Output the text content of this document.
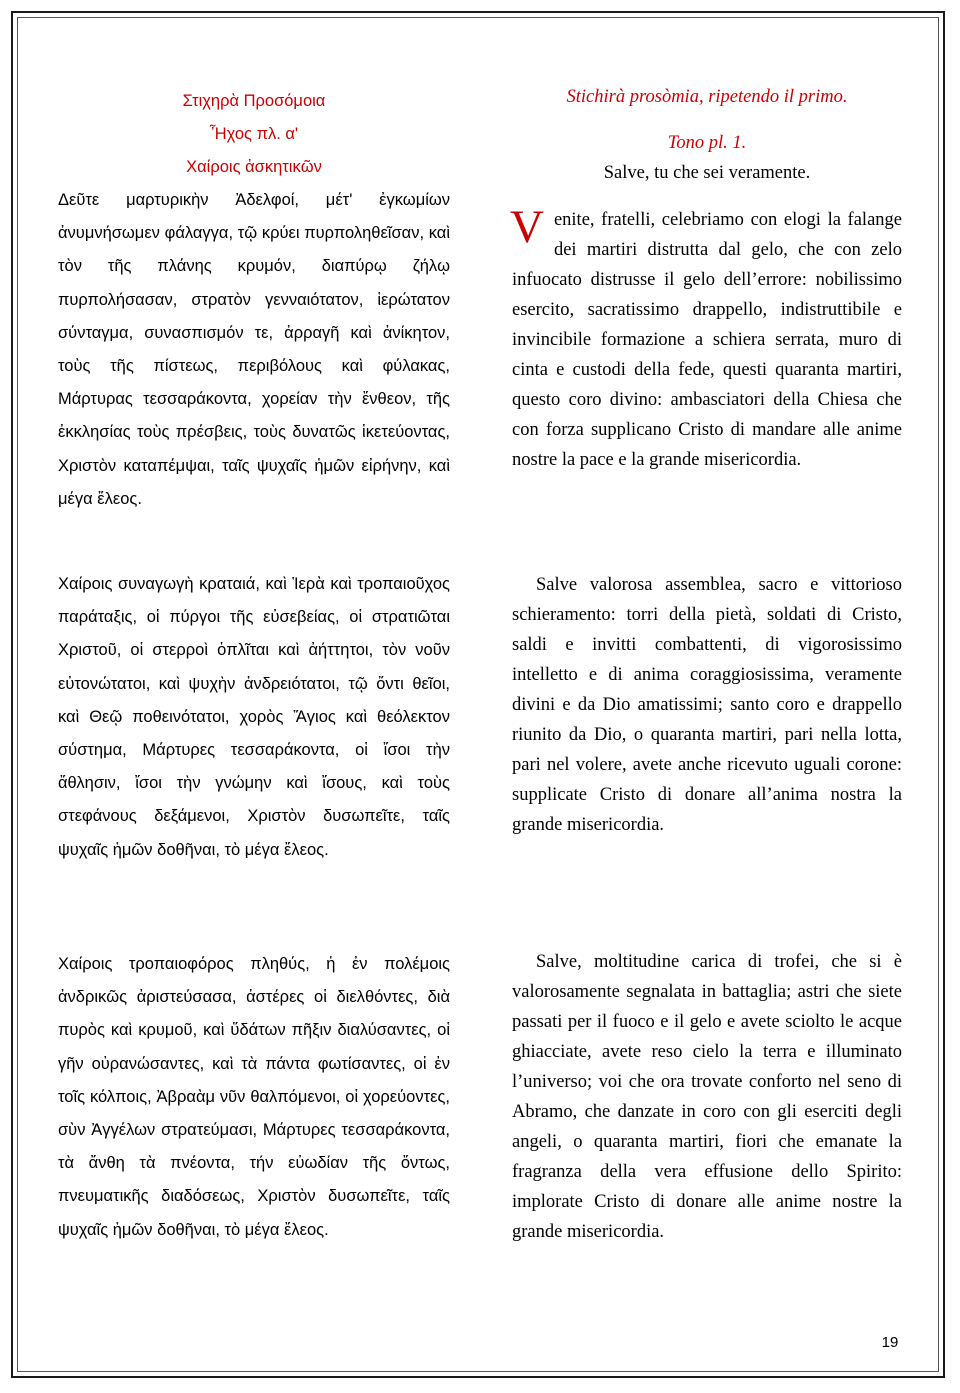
Στιχηρὰ Προσόμοια
Ἦχος πλ. α'
Χαίροις ἀσκητικῶν
Δεῦτε μαρτυρικὴν Ἀδελφοί, μέτ' ἐγκωμίων ἀνυμνήσωμεν φάλαγγα, τῷ κρύει πυρποληθεῖσαν, καὶ τὸν τῆς πλάνης κρυμόν, διαπύρῳ ζήλῳ πυρπολήσασαν, στρατὸν γενναιότατον, ἱερώτατον σύνταγμα, συνασπισμόν τε, ἀρραγῆ καὶ ἀνίκητον, τοὺς τῆς πίστεως, περιβόλους καὶ φύλακας, Μάρτυρας τεσσαράκοντα, χορείαν τὴν ἔνθεον, τῆς ἐκκλησίας τοὺς πρέσβεις, τοὺς δυνατῶς ἱκετεύοντας, Χριστὸν καταπέμψαι, ταῖς ψυχαῖς ἡμῶν εἰρήνην, καὶ μέγα ἔλεος.
Χαίροις συναγωγὴ κραταιά, καὶ Ἱερὰ καὶ τροπαιοῦχος παράταξις, οἱ πύργοι τῆς εὐσεβείας, οἱ στρατιῶται Χριστοῦ, οἱ στερροὶ ὁπλῖται καὶ ἀήττητοι, τὸν νοῦν εὐτονώτατοι, καὶ ψυχὴν ἀνδρειότατοι, τῷ ὄντι θεῖοι, καὶ Θεῷ ποθεινότατοι, χορὸς Ἅγιος καὶ θεόλεκτον σύστημα, Μάρτυρες τεσσαράκοντα, οἱ ἴσοι τὴν ἄθλησιν, ἴσοι τὴν γνώμην καὶ ἴσους, καὶ τοὺς στεφάνους δεξάμενοι, Χριστὸν δυσωπεῖτε, ταῖς ψυχαῖς ἡμῶν δοθῆναι, τὸ μέγα ἔλεος.
Χαίροις τροπαιοφόρος πληθύς, ἡ ἐν πολέμοις ἀνδρικῶς ἀριστεύσασα, ἀστέρες οἱ διελθόντες, διὰ πυρὸς καὶ κρυμοῦ, καὶ ὕδάτων πῆξιν διαλύσαντες, οἱ γῆν οὐρανώσαντες, καὶ τὰ πάντα φωτίσαντες, οἱ ἐν τοῖς κόλποις, Ἀβραὰμ νῦν θαλπόμενοι, οἱ χορεύοντες, σὺν Ἀγγέλων στρατεύμασι, Μάρτυρες τεσσαράκοντα, τὰ ἄνθη τὰ πνέοντα, τήν εὐωδίαν τῆς ὄντως, πνευματικῆς διαδόσεως, Χριστὸν δυσωπεῖτε, ταῖς ψυχαῖς ἡμῶν δοθῆναι, τὸ μέγα ἔλεος.
Stichirà prosòmia, ripetendo il primo.
Tono pl. 1.
Salve, tu che sei veramente.
V enite, fratelli, celebriamo con elogi la falange dei martiri distrutta dal gelo, che con zelo infuocato distrusse il gelo dell’errore: nobilissimo esercito, sacratissimo drappello, indistruttibile e invincibile formazione a schiera serrata, muro di cinta e custodi della fede, questi quaranta martiri, questo coro divino: ambasciatori della Chiesa che con forza supplicano Cristo di mandare alle anime nostre la pace e la grande misericordia.
Salve valorosa assemblea, sacro e vittorioso schieramento: torri della pietà, soldati di Cristo, saldi e invitti combattenti, di vigorosissimo intelletto e di anima coraggiosissima, veramente divini e da Dio amatissimi; santo coro e drappello riunito da Dio, o quaranta martiri, pari nella lotta, pari nel volere, avete anche ricevuto uguali corone: supplicate Cristo di donare all’anima nostra la grande misericordia.
Salve, moltitudine carica di trofei, che si è valorosamente segnalata in battaglia; astri che siete passati per il fuoco e il gelo e avete sciolto le acque ghiacciate, avete reso cielo la terra e illuminato l’universo; voi che ora trovate conforto nel seno di Abramo, che danzate in coro con gli eserciti degli angeli, o quaranta martiri, fiori che emanate la fragranza della vera effusione dello Spirito: implorate Cristo di donare alle anime nostre la grande misericordia.
19
